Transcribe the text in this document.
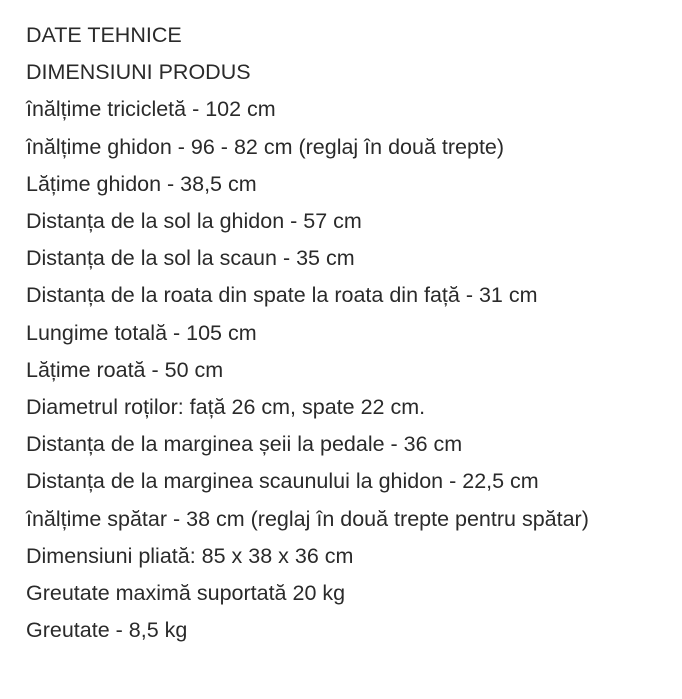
DATE TEHNICE
DIMENSIUNI PRODUS
înălțime tricicletă - 102 cm
înălțime ghidon - 96 - 82 cm (reglaj în două trepte)
Lățime ghidon - 38,5 cm
Distanța de la sol la ghidon - 57 cm
Distanța de la sol la scaun - 35 cm
Distanța de la roata din spate la roata din față - 31 cm
Lungime totală - 105 cm
Lățime roată - 50 cm
Diametrul roților: față 26 cm, spate 22 cm.
Distanța de la marginea șeii la pedale - 36 cm
Distanța de la marginea scaunului la ghidon - 22,5 cm
înălțime spătar - 38 cm (reglaj în două trepte pentru spătar)
Dimensiuni pliată: 85 x 38 x 36 cm
Greutate maximă suportată 20 kg
Greutate - 8,5 kg
